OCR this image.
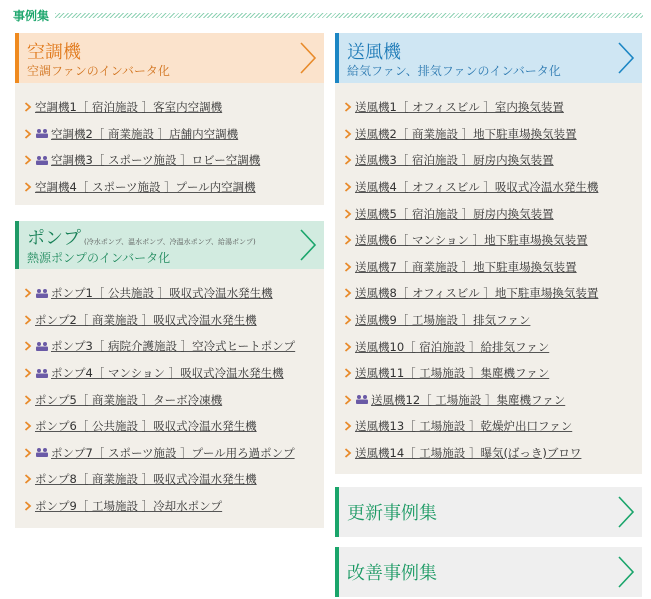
事例集
空調機
空調ファンのインバータ化
空調機1［ 宿泊施設 ］客室内空調機
空調機2［ 商業施設 ］店舗内空調機
空調機3［ スポーツ施設 ］ロビー空調機
空調機4［ スポーツ施設 ］プール内空調機
ポンプ (冷水ポンプ、温水ポンプ、冷温水ポンプ、給湯ポンプ)
熱源ポンプのインバータ化
ポンプ1［ 公共施設 ］吸収式冷温水発生機
ポンプ2［ 商業施設 ］吸収式冷温水発生機
ポンプ3［ 病院介護施設 ］空冷式ヒートポンプ
ポンプ4［ マンション ］吸収式冷温水発生機
ポンプ5［ 商業施設 ］ターボ冷凍機
ポンプ6［ 公共施設 ］吸収式冷温水発生機
ポンプ7［ スポーツ施設 ］プール用ろ過ポンプ
ポンプ8［ 商業施設 ］吸収式冷温水発生機
ポンプ9［ 工場施設 ］冷却水ポンプ
送風機
給気ファン、排気ファンのインバータ化
送風機1［ オフィスビル ］室内換気装置
送風機2［ 商業施設 ］地下駐車場換気装置
送風機3［ 宿泊施設 ］厨房内換気装置
送風機4［ オフィスビル ］吸収式冷温水発生機
送風機5［ 宿泊施設 ］厨房内換気装置
送風機6［ マンション ］地下駐車場換気装置
送風機7［ 商業施設 ］地下駐車場換気装置
送風機8［ オフィスビル ］地下駐車場換気装置
送風機9［ 工場施設 ］排気ファン
送風機10［ 宿泊施設 ］給排気ファン
送風機11［ 工場施設 ］集塵機ファン
送風機12［ 工場施設 ］集塵機ファン
送風機13［ 工場施設 ］乾燥炉出口ファン
送風機14［ 工場施設 ］曝気(ばっき)ブロワ
更新事例集
改善事例集
